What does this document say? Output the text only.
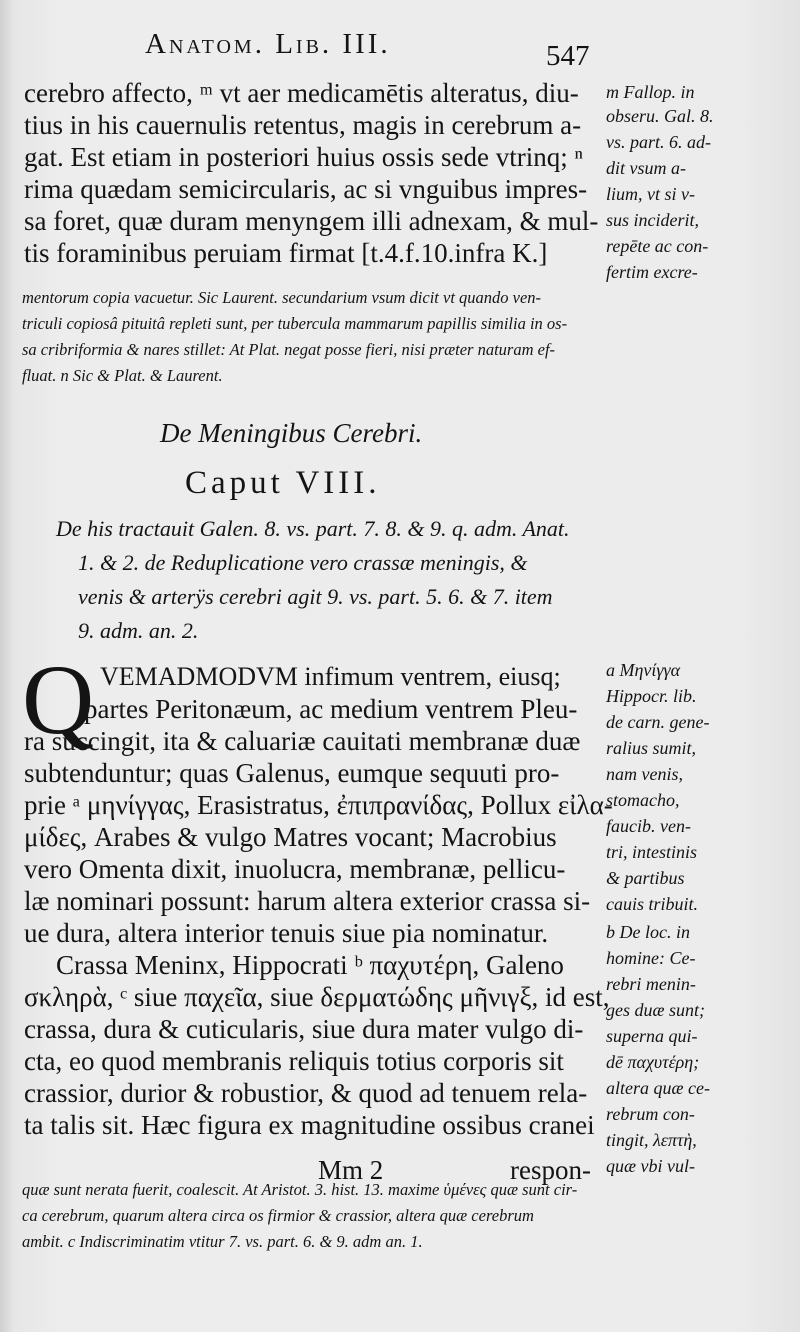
Anatom. Lib. III.	547
cerebro affecto, ᵐ vt aer medicamētis alteratus, diu-
tius in his cauernulis retentus, magis in cerebrum a-
gat. Est etiam in posteriori huius ossis sede vtrinq; ⁿ
rima quædam semicircularis, ac si vnguibus impres-
sa foret, quæ duram menyngem illi adnexam, & mul-
tis foraminibus peruiam firmat [t.4.f.10.infra K.]
m Fallop. in
obseru. Gal. 8.
vs. part. 6. ad-
dit vsum a-
lium, vt si v-
sus inciderit,
repēte ac con-
fertim excre-
mentorum copia vacuetur. Sic Laurent. secundarium vsum dicit vt quando ven-
triculi copiosâ pituitâ repleti sunt, per tubercula mammarum papillis similia in os-
sa cribriformia & nares stillet: At Plat. negat posse fieri, nisi præter naturam ef-
fluat. n Sic & Plat. & Laurent.
De Meningibus Cerebri.
Caput VIII.
De his tractauit Galen. 8. vs. part. 7. 8. & 9. q. adm. Anat.
1. & 2. de Reduplicatione vero crassæ meningis, &
venis & arterÿs cerebri agit 9. vs. part. 5. 6. & 7. item
9. adm. an. 2.
Q VEMADMODVM infimum ventrem, eiusq;
partes Peritonæum, ac medium ventrem Pleu-
ra succingit, ita & caluariæ cauitati membranæ duæ
subtenduntur; quas Galenus, eumque sequuti pro-
prie ᵃ μηνίγγας, Erasistratus, ἐπιπρανίδας, Pollux εἰλα-
μίδες, Arabes & vulgo Matres vocant; Macrobius
vero Omenta dixit, inuolucra, membranæ, pellicu-
læ nominari possunt: harum altera exterior crassa si-
ue dura, altera interior tenuis siue pia nominatur.
Crassa Meninx, Hippocrati ᵇ παχυτέρη, Galeno
σκληρὰ, ᶜ siue παχεῖα, siue δερματώδης μῆνιγξ, id est,
crassa, dura & cuticularis, siue dura mater vulgo di-
cta, eo quod membranis reliquis totius corporis sit
crassior, durior & robustior, & quod ad tenuem rela-
ta talis sit. Hæc figura ex magnitudine ossibus cranei
Mm 2	respon-
a Μηνίγγα
Hippocr. lib.
de carn. gene-
ralius sumit,
nam venis,
stomacho,
faucib. ven-
tri, intestinis
& partibus
cauis tribuit.
b De loc. in
homine: Ce-
rebri menin-
ges duæ sunt;
superna qui-
dē παχυτέρη;
altera quæ ce-
rebrum con-
tingit, λεπτὴ,
quæ vbi vul-
quæ sunt nerata fuerit, coalescit. At Aristot. 3. hist. 13. maxime ὑμένες quæ sunt cir-
ca cerebrum, quarum altera circa os firmior & crassior, altera quæ cerebrum
ambit. c Indiscriminatim vtitur 7. vs. part. 6. & 9. adm an. 1.
